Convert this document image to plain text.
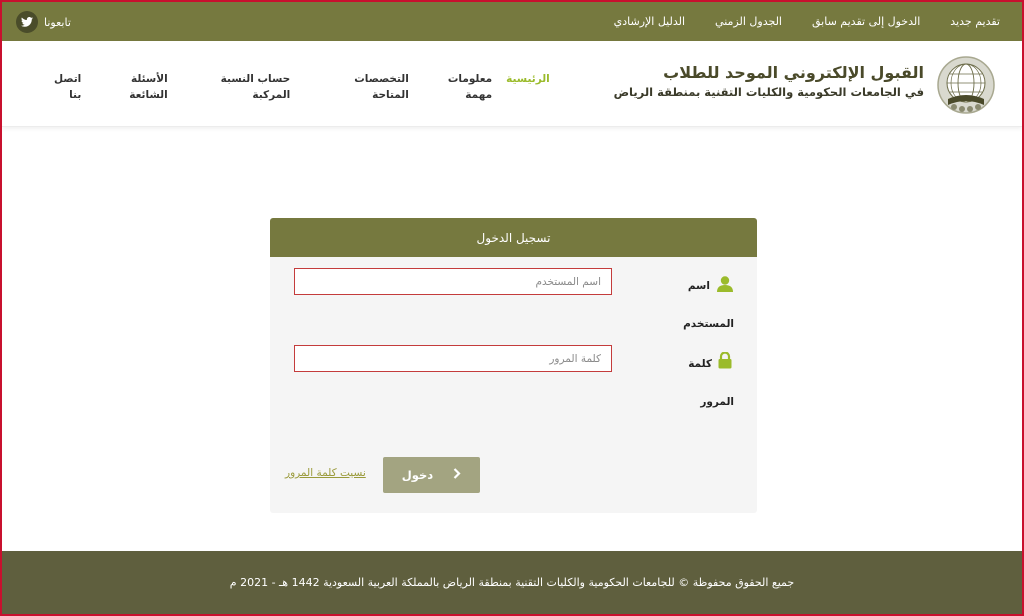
تقديم جديد
الدخول إلى تقديم سابق
الجدول الزمني
الدليل الإرشادي
تابعونا
القبول الإلكتروني الموحد للطلاب
في الجامعات الحكومية والكليات التقنية بمنطقة الرياض
الرئيسية
معلومات
مهمة
التخصصات
المتاحة
حساب النسبة
المركبة
الأسئلة
الشائعة
اتصل
بنا
تسجيل الدخول
اسم
المستخدم
اسم المستخدم
كلمة
المرور
دخول
نسيت كلمة المرور
جميع الحقوق محفوظة © للجامعات الحكومية والكليات التقنية بمنطقة الرياض بالمملكة العربية السعودية 1442 هـ - 2021 م
